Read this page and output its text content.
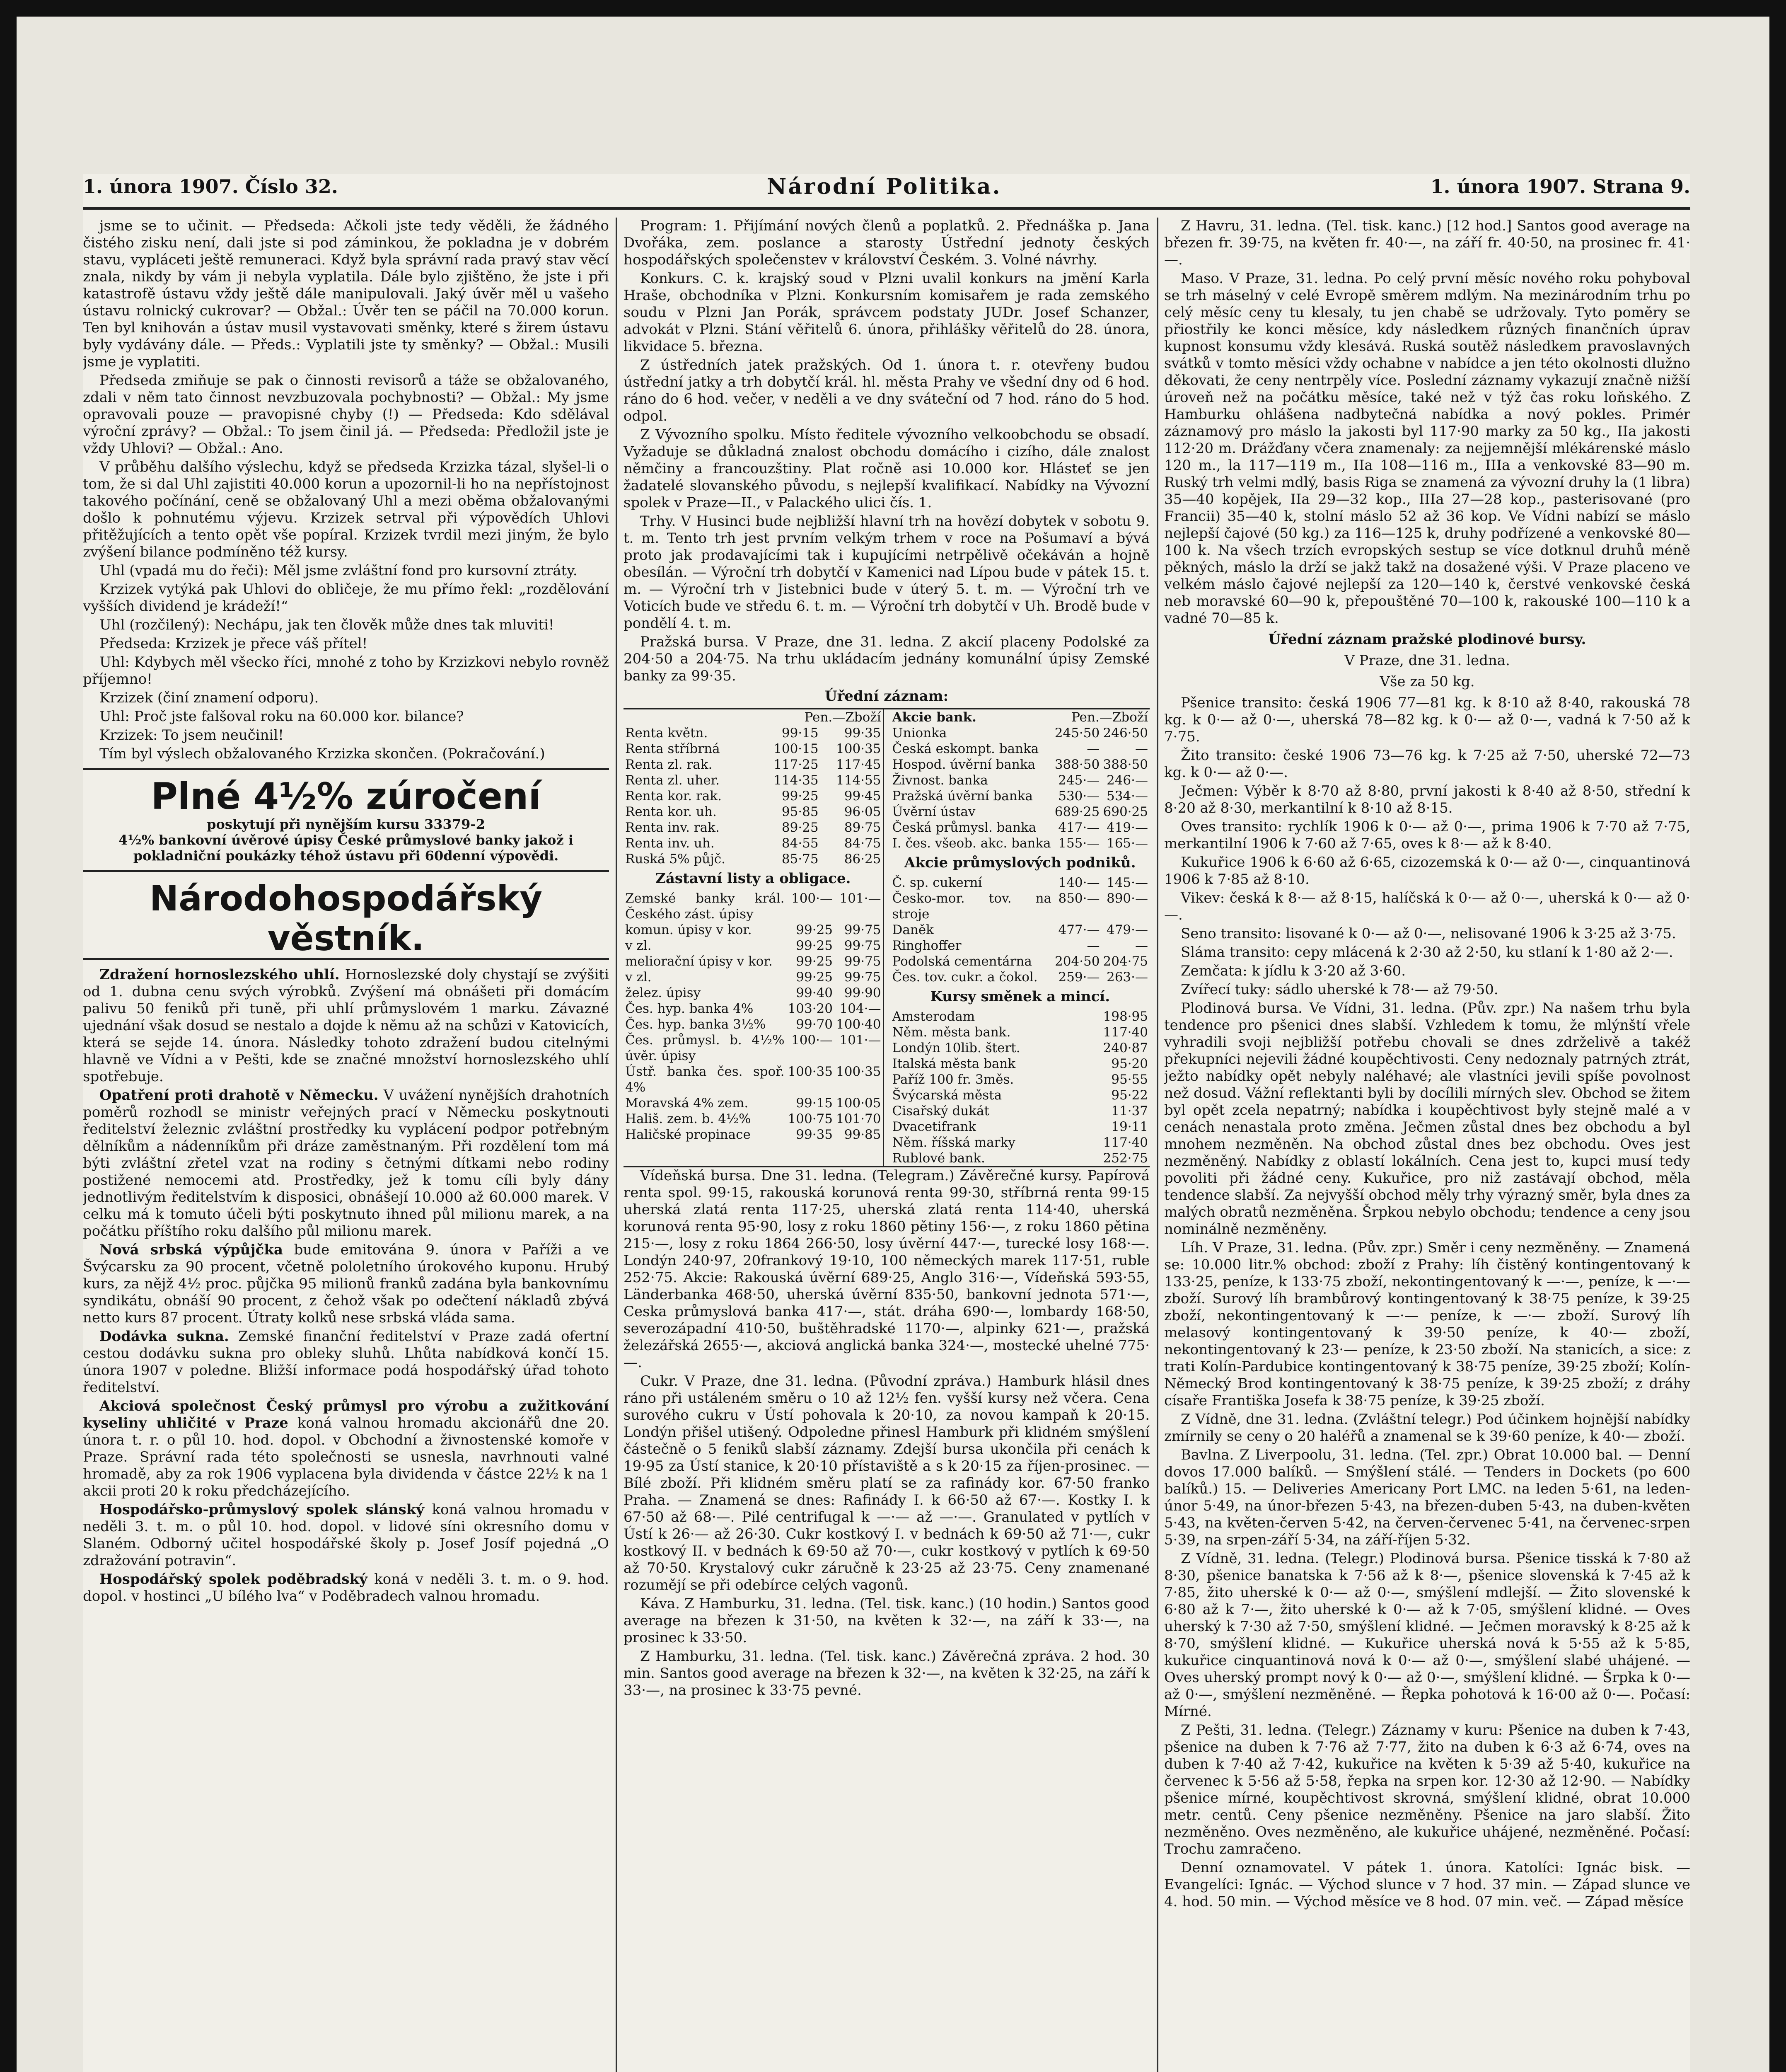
1. února 1907. Číslo 32.	Národní Politika.	1. února 1907. Strana 9.

jsme se to učinit. — Předseda: Ačkoli jste tedy věděli, že žádného čistého zisku není, dali jste si pod záminkou, že pokladna je v dobrém stavu, vypláceti ještě remuneraci. Když byla správní rada pravý stav věcí znala, nikdy by vám ji nebyla vyplatila. Dále bylo zjištěno, že jste i při katastrofě ústavu vždy ještě dále manipulovali. Jaký úvěr měl u vašeho ústavu rolnický cukrovar? — Obžal.: Úvěr ten se páčil na 70.000 korun. Ten byl knihován a ústav musil vystavovati směnky, které s žirem ústavu byly vydávány dále. — Předs.: Vyplatili jste ty směnky? — Obžal.: Musili jsme je vyplatiti.

Předseda zmiňuje se pak o činnosti revisorů a táže se obžalovaného, zdali v něm tato činnost nevzbuzovala pochybnosti? — Obžal.: My jsme opravovali pouze — pravopisné chyby (!) — Předseda: Kdo sdělával výroční zprávy? — Obžal.: To jsem činil já. — Předseda: Předložil jste je vždy Uhlovi? — Obžal.: Ano.

V průběhu dalšího výslechu, když se předseda Krzizka tázal, slyšel-li o tom, že si dal Uhl zajistiti 40.000 korun a upozornil-li ho na nepřístojnost takového počínání, ceně se obžalovaný Uhl a mezi oběma obžalovanými došlo k pohnutému výjevu. Krzizek setrval při výpovědích Uhlovi přitěžujících a tento opět vše popíral. Krzizek tvrdil mezi jiným, že bylo zvýšení bilance podmíněno též kursy.

Uhl (vpadá mu do řeči): Měl jsme zvláštní fond pro kursovní ztráty.

Krzizek vytýká pak Uhlovi do obličeje, že mu přímo řekl: „rozdělování vyšších dividend je krádeží!“

Uhl (rozčilený): Nechápu, jak ten člověk může dnes tak mluviti!

Předseda: Krzizek je přece váš přítel!

Uhl: Kdybych měl všecko říci, mnohé z toho by Krzizkovi nebylo rovněž příjemno!

Krzizek (činí znamení odporu).

Uhl: Proč jste falšoval roku na 60.000 kor. bilance?

Krzizek: To jsem neučinil!

Tím byl výslech obžalovaného Krzizka skončen. (Pokračování.)

Plné 4½% zúročení
poskytují při nynějším kursu 33379-2
4½% bankovní úvěrové úpisy České průmyslové banky jakož i pokladniční poukázky téhož ústavu při 60denní výpovědi.
Národohospodářský věstník.

Zdražení hornoslezského uhlí. Hornoslezské doly chystají se zvýšiti od 1. dubna cenu svých výrobků. Zvýšení má obnášeti při domácím palivu 50 feniků při tuně, při uhlí průmyslovém 1 marku. Závazné ujednání však dosud se nestalo a dojde k němu až na schůzi v Katovicích, která se sejde 14. února. Následky tohoto zdražení budou citelnými hlavně ve Vídni a v Pešti, kde se značné množství hornoslezského uhlí spotřebuje.

Opatření proti drahotě v Německu. V uvážení nynějších drahotních poměrů rozhodl se ministr veřejných prací v Německu poskytnouti ředitelství železnic zvláštní prostředky ku vyplácení podpor potřebným dělníkům a nádenníkům při dráze zaměstnaným. Při rozdělení tom má býti zvláštní zřetel vzat na rodiny s četnými dítkami nebo rodiny postižené nemocemi atd. Prostředky, jež k tomu cíli byly dány jednotlivým ředitelstvím k disposici, obnášejí 10.000 až 60.000 marek. V celku má k tomuto účeli býti poskytnuto ihned půl milionu marek, a na počátku příštího roku dalšího půl milionu marek.

Nová srbská výpůjčka bude emitována 9. února v Paříži a ve Švýcarsku za 90 procent, včetně pololetního úrokového kuponu. Hrubý kurs, za nějž 4½ proc. půjčka 95 milionů franků zadána byla bankovnímu syndikátu, obnáší 90 procent, z čehož však po odečtení nákladů zbývá netto kurs 87 procent. Útraty kolků nese srbská vláda sama.

Dodávka sukna. Zemské finanční ředitelství v Praze zadá ofertní cestou dodávku sukna pro obleky sluhů. Lhůta nabídková končí 15. února 1907 v poledne. Bližší informace podá hospodářský úřad tohoto ředitelství.

Akciová společnost Český průmysl pro výrobu a zužitkování kyseliny uhličité v Praze koná valnou hromadu akcionářů dne 20. února t. r. o půl 10. hod. dopol. v Obchodní a živnostenské komoře v Praze. Správní rada této společnosti se usnesla, navrhnouti valné hromadě, aby za rok 1906 vyplacena byla dividenda v částce 22½ k na 1 akcii proti 20 k roku předcházejícího.

Hospodářsko-průmyslový spolek slánský koná valnou hromadu v neděli 3. t. m. o půl 10. hod. dopol. v lidové síni okresního domu v Slaném. Odborný učitel hospodářské školy p. Josef Josíf pojedná „O zdražování potravin“.

Hospodářský spolek poděbradský koná v neděli 3. t. m. o 9. hod. dopol. v hostinci „U bílého lva“ v Poděbradech valnou hromadu.

Program: 1. Přijímání nových členů a poplatků. 2. Přednáška p. Jana Dvořáka, zem. poslance a starosty Ústřední jednoty českých hospodářských společenstev v království Českém. 3. Volné návrhy.

Konkurs. C. k. krajský soud v Plzni uvalil konkurs na jmění Karla Hraše, obchodníka v Plzni. Konkursním komisařem je rada zemského soudu v Plzni Jan Porák, správcem podstaty JUDr. Josef Schanzer, advokát v Plzni. Stání věřitelů 6. února, přihlášky věřitelů do 28. února, likvidace 5. března.

Z ústředních jatek pražských. Od 1. února t. r. otevřeny budou ústřední jatky a trh dobytčí král. hl. města Prahy ve všední dny od 6 hod. ráno do 6 hod. večer, v neděli a ve dny sváteční od 7 hod. ráno do 5 hod. odpol.

Z Vývozního spolku. Místo ředitele vývozního velkoobchodu se obsadí. Vyžaduje se důkladná znalost obchodu domácího i cizího, dále znalost němčiny a francouzštiny. Plat ročně asi 10.000 kor. Hlásteť se jen žadatelé slovanského původu, s nejlepší kvalifikací. Nabídky na Vývozní spolek v Praze—II., v Palackého ulici čís. 1.

Trhy. V Husinci bude nejbližší hlavní trh na hovězí dobytek v sobotu 9. t. m. Tento trh jest prvním velkým trhem v roce na Pošumaví a bývá proto jak prodavajícími tak i kupujícími netrpělivě očekáván a hojně obesílán. — Výroční trh dobytčí v Kamenici nad Lípou bude v pátek 15. t. m. — Výroční trh v Jistebnici bude v úterý 5. t. m. — Výroční trh ve Voticích bude ve středu 6. t. m. — Výroční trh dobytčí v Uh. Brodě bude v pondělí 4. t. m.

Pražská bursa. V Praze, dne 31. ledna. Z akcií placeny Podolské za 204·50 a 204·75. Na trhu ukládacím jednány komunální úpisy Zemské banky za 99·35.

Úřední záznam:
	Pen.—Zboží	
Renta květn.	99·15	99·35
Renta stříbrná	100·15	100·35
Renta zl. rak.	117·25	117·45
Renta zl. uher.	114·35	114·55
Renta kor. rak.	99·25	99·45
Renta kor. uh.	95·85	96·05
Renta inv. rak.	89·25	89·75
Renta inv. uh.	84·55	84·75
Ruská 5% půjč.	85·75	86·25
Zástavní listy a obligace.
Zemské banky král. Českého zást. úpisy	100·—	101·—
komun. úpisy v kor.	99·25	99·75
v zl.	99·25	99·75
meliorační úpisy v kor.	99·25	99·75
v zl.	99·25	99·75
želez. úpisy	99·40	99·90
Čes. hyp. banka 4%	103·20	104·—
Čes. hyp. banka 3½%	99·70	100·40
Čes. průmysl. b. 4½% úvěr. úpisy	100·—	101·—
Ústř. banka čes. spoř. 4%	100·35	100·35
Moravská 4% zem.	99·15	100·05
Hališ. zem. b. 4½%	100·75	101·70
Haličské propinace	99·35	99·85
Akcie bank.	Pen.—Zboží	
Unionka	245·50	246·50
Česká eskompt. banka	—	—
Hospod. úvěrní banka	388·50	388·50
Živnost. banka	245·—	246·—
Pražská úvěrní banka	530·—	534·—
Úvěrní ústav	689·25	690·25
Česká průmysl. banka	417·—	419·—
I. čes. všeob. akc. banka	155·—	165·—
Akcie průmyslových podniků.
Č. sp. cukerní	140·—	145·—
Česko-mor. tov. na stroje	850·—	890·—
Daněk	477·—	479·—
Ringhoffer	—	—
Podolská cementárna	204·50	204·75
Čes. tov. cukr. a čokol.	259·—	263·—
Kursy směnek a mincí.
Amsterodam	198·95
Něm. města bank.	117·40
Londýn 10lib. štert.	240·87
Italská města bank	95·20
Paříž 100 fr. 3měs.	95·55
Švýcarská města	95·22
Cisařský dukát	11·37
Dvacetifrank	19·11
Něm. říšská marky	117·40
Rublové bank.	252·75

Vídeňská bursa. Dne 31. ledna. (Telegram.) Závěrečné kursy. Papírová renta spol. 99·15, rakouská korunová renta 99·30, stříbrná renta 99·15 uherská zlatá renta 117·25, uherská zlatá renta 114·40, uherská korunová renta 95·90, losy z roku 1860 pětiny 156·—, z roku 1860 pětina 215·—, losy z roku 1864 266·50, losy úvěrní 447·—, turecké losy 168·—. Londýn 240·97, 20frankový 19·10, 100 německých marek 117·51, ruble 252·75. Akcie: Rakouská úvěrní 689·25, Anglo 316·—, Vídeňská 593·55, Länderbanka 468·50, uherská úvěrní 835·50, bankovní jednota 571·—, Ceska průmyslová banka 417·—, stát. dráha 690·—, lombardy 168·50, severozápadní 410·50, buštěhradské 1170·—, alpinky 621·—, pražská železářská 2655·—, akciová anglická banka 324·—, mostecké uhelné 775·—.

Cukr. V Praze, dne 31. ledna. (Původní zpráva.) Hamburk hlásil dnes ráno při ustáleném směru o 10 až 12½ fen. vyšší kursy než včera. Cena surového cukru v Ústí pohovala k 20·10, za novou kampaň k 20·15. Londýn přišel utišený. Odpoledne přinesl Hamburk při klidném smýšlení částečně o 5 feniků slabší záznamy. Zdejší bursa ukončila při cenách k 19·95 za Ústí stanice, k 20·10 přístaviště a s k 20·15 za říjen-prosinec. — Bílé zboží. Při klidném směru platí se za rafinády kor. 67·50 franko Praha. — Znamená se dnes: Rafinády I. k 66·50 až 67·—. Kostky I. k 67·50 až 68·—. Pilé centrifugal k —·— až —·—. Granulated v pytlích v Ústí k 26·— až 26·30. Cukr kostkový I. v bednách k 69·50 až 71·—, cukr kostkový II. v bednách k 69·50 až 70·—, cukr kostkový v pytlích k 69·50 až 70·50. Krystalový cukr záručně k 23·25 až 23·75. Ceny znamenané rozumějí se při odebírce celých vagonů.

Káva. Z Hamburku, 31. ledna. (Tel. tisk. kanc.) (10 hodin.) Santos good average na březen k 31·50, na květen k 32·—, na září k 33·—, na prosinec k 33·50.

Z Hamburku, 31. ledna. (Tel. tisk. kanc.) Závěrečná zpráva. 2 hod. 30 min. Santos good average na březen k 32·—, na květen k 32·25, na září k 33·—, na prosinec k 33·75 pevné.

Z Havru, 31. ledna. (Tel. tisk. kanc.) [12 hod.] Santos good average na březen fr. 39·75, na květen fr. 40·—, na září fr. 40·50, na prosinec fr. 41·—.

Maso. V Praze, 31. ledna. Po celý první měsíc nového roku pohyboval se trh máselný v celé Evropě směrem mdlým. Na mezinárodním trhu po celý měsíc ceny tu klesaly, tu jen chabě se udržovaly. Tyto poměry se přiostřily ke konci měsíce, kdy následkem různých finančních úprav kupnost konsumu vždy klesává. Ruská soutěž následkem pravoslavných svátků v tomto měsíci vždy ochabne v nabídce a jen této okolnosti dlužno děkovati, že ceny nentrpěly více. Poslední záznamy vykazují značně nižší úroveň než na počátku měsíce, také než v týž čas roku loňského. Z Hamburku ohlášena nadbytečná nabídka a nový pokles. Primér záznamový pro máslo la jakosti byl 117·90 marky za 50 kg., IIa jakosti 112·20 m. Drážďany včera znamenaly: za nejjemnější mlékárenské máslo 120 m., la 117—119 m., IIa 108—116 m., IIIa a venkovské 83—90 m. Ruský trh velmi mdlý, basis Riga se znamená za vývozní druhy la (1 libra) 35—40 kopějek, IIa 29—32 kop., IIIa 27—28 kop., pasterisované (pro Francii) 35—40 k, stolní máslo 52 až 36 kop. Ve Vídni nabízí se máslo nejlepší čajové (50 kg.) za 116—125 k, druhy podřízené a venkovské 80—100 k. Na všech trzích evropských sestup se více dotknul druhů méně pěkných, máslo la drží se jakž takž na dosažené výši. V Praze placeno ve velkém máslo čajové nejlepší za 120—140 k, čerstvé venkovské česká neb moravské 60—90 k, přepouštěné 70—100 k, rakouské 100—110 k a vadné 70—85 k.

Úřední záznam pražské plodinové bursy.
V Praze, dne 31. ledna.
Vše za 50 kg.

Pšenice transito: česká 1906 77—81 kg. k 8·10 až 8·40, rakouská 78 kg. k 0·— až 0·—, uherská 78—82 kg. k 0·— až 0·—, vadná k 7·50 až k 7·75.

Žito transito: české 1906 73—76 kg. k 7·25 až 7·50, uherské 72—73 kg. k 0·— až 0·—.

Ječmen: Výběr k 8·70 až 8·80, první jakosti k 8·40 až 8·50, střední k 8·20 až 8·30, merkantilní k 8·10 až 8·15.

Oves transito: rychlík 1906 k 0·— až 0·—, prima 1906 k 7·70 až 7·75, merkantilní 1906 k 7·60 až 7·65, oves k 8·— až k 8·40.

Kukuřice 1906 k 6·60 až 6·65, cizozemská k 0·— až 0·—, cinquantinová 1906 k 7·85 až 8·10.

Vikev: česká k 8·— až 8·15, halíčská k 0·— až 0·—, uherská k 0·— až 0·—.

Seno transito: lisované k 0·— až 0·—, nelisované 1906 k 3·25 až 3·75.

Sláma transito: cepy mlácená k 2·30 až 2·50, ku stlaní k 1·80 až 2·—.

Zemčata: k jídlu k 3·20 až 3·60.

Zvířecí tuky: sádlo uherské k 78·— až 79·50.

Plodinová bursa. Ve Vídni, 31. ledna. (Pův. zpr.) Na našem trhu byla tendence pro pšenici dnes slabší. Vzhledem k tomu, že mlýnští vřele vyhradili svoji nejbližší potřebu chovali se dnes zdrželivě a takéž překupníci nejevili žádné koupěchtivosti. Ceny nedoznaly patrných ztrát, ježto nabídky opět nebyly naléhavé; ale vlastníci jevili spíše povolnost než dosud. Vážní reflektanti byli by docílili mírných slev. Obchod se žitem byl opět zcela nepatrný; nabídka i koupěchtivost byly stejně malé a v cenách nenastala proto změna. Ječmen zůstal dnes bez obchodu a byl mnohem nezměněn. Na obchod zůstal dnes bez obchodu. Oves jest nezměněný. Nabídky z oblastí lokálních. Cena jest to, kupci musí tedy povoliti při žádné ceny. Kukuřice, pro niž zastávají obchod, měla tendence slabší. Za nejvyšší obchod měly trhy výrazný směr, byla dnes za malých obratů nezměněna. Šrpkou nebylo obchodu; tendence a ceny jsou nominálně nezměněny.

Líh. V Praze, 31. ledna. (Pův. zpr.) Směr i ceny nezměněny. — Znamená se: 10.000 litr.% obchod: zboží z Prahy: líh čistěný kontingentovaný k 133·25, peníze, k 133·75 zboží, nekontingentovaný k —·—, peníze, k —·— zboží. Surový líh brambůrový kontingentovaný k 38·75 peníze, k 39·25 zboží, nekontingentovaný k —·— peníze, k —·— zboží. Surový líh melasový kontingentovaný k 39·50 peníze, k 40·— zboží, nekontingentovaný k 23·— peníze, k 23·50 zboží. Na stanicích, a sice: z trati Kolín-Pardubice kontingentovaný k 38·75 peníze, 39·25 zboží; Kolín-Německý Brod kontingentovaný k 38·75 peníze, k 39·25 zboží; z dráhy císaře Františka Josefa k 38·75 peníze, k 39·25 zboží.

Z Vídně, dne 31. ledna. (Zvláštní telegr.) Pod účinkem hojnější nabídky zmírnily se ceny o 20 haléřů a znamenal se k 39·60 peníze, k 40·— zboží.

Bavlna. Z Liverpoolu, 31. ledna. (Tel. zpr.) Obrat 10.000 bal. — Denní dovos 17.000 balíků. — Smýšlení stálé. — Tenders in Dockets (po 600 balíků.) 15. — Deliveries Americany Port LMC. na leden 5·61, na leden-únor 5·49, na únor-březen 5·43, na březen-duben 5·43, na duben-květen 5·43, na květen-červen 5·42, na červen-červenec 5·41, na červenec-srpen 5·39, na srpen-září 5·34, na září-říjen 5·32.

Z Vídně, 31. ledna. (Telegr.) Plodinová bursa. Pšenice tisská k 7·80 až 8·30, pšenice banatska k 7·56 až k 8·—, pšenice slovenská k 7·45 až k 7·85, žito uherské k 0·— až 0·—, smýšlení mdlejší. — Žito slovenské k 6·80 až k 7·—, žito uherské k 0·— až k 7·05, smýšlení klidné. — Oves uherský k 7·30 až 7·50, smýšlení klidné. — Ječmen moravský k 8·25 až k 8·70, smýšlení klidné. — Kukuřice uherská nová k 5·55 až k 5·85, kukuřice cinquantinová nová k 0·— až 0·—, smýšlení slabé uhájené. — Oves uherský prompt nový k 0·— až 0·—, smýšlení klidné. — Šrpka k 0·— až 0·—, smýšlení nezměněné. — Řepka pohotová k 16·00 až 0·—. Počasí: Mírné.

Z Pešti, 31. ledna. (Telegr.) Záznamy v kuru: Pšenice na duben k 7·43, pšenice na duben k 7·76 až 7·77, žito na duben k 6·3 až 6·74, oves na duben k 7·40 až 7·42, kukuřice na květen k 5·39 až 5·40, kukuřice na červenec k 5·56 až 5·58, řepka na srpen kor. 12·30 až 12·90. — Nabídky pšenice mírné, koupěchtivost skrovná, smýšlení klidné, obrat 10.000 metr. centů. Ceny pšenice nezměněny. Pšenice na jaro slabší. Žito nezměněno. Oves nezměněno, ale kukuřice uhájené, nezměněné. Počasí: Trochu zamračeno.

Denní oznamovatel. V pátek 1. února. Katolíci: Ignác bisk. — Evangelíci: Ignác. — Východ slunce v 7 hod. 37 min. — Západ slunce ve 4. hod. 50 min. — Východ měsíce ve 8 hod. 07 min. več. — Západ měsíce
